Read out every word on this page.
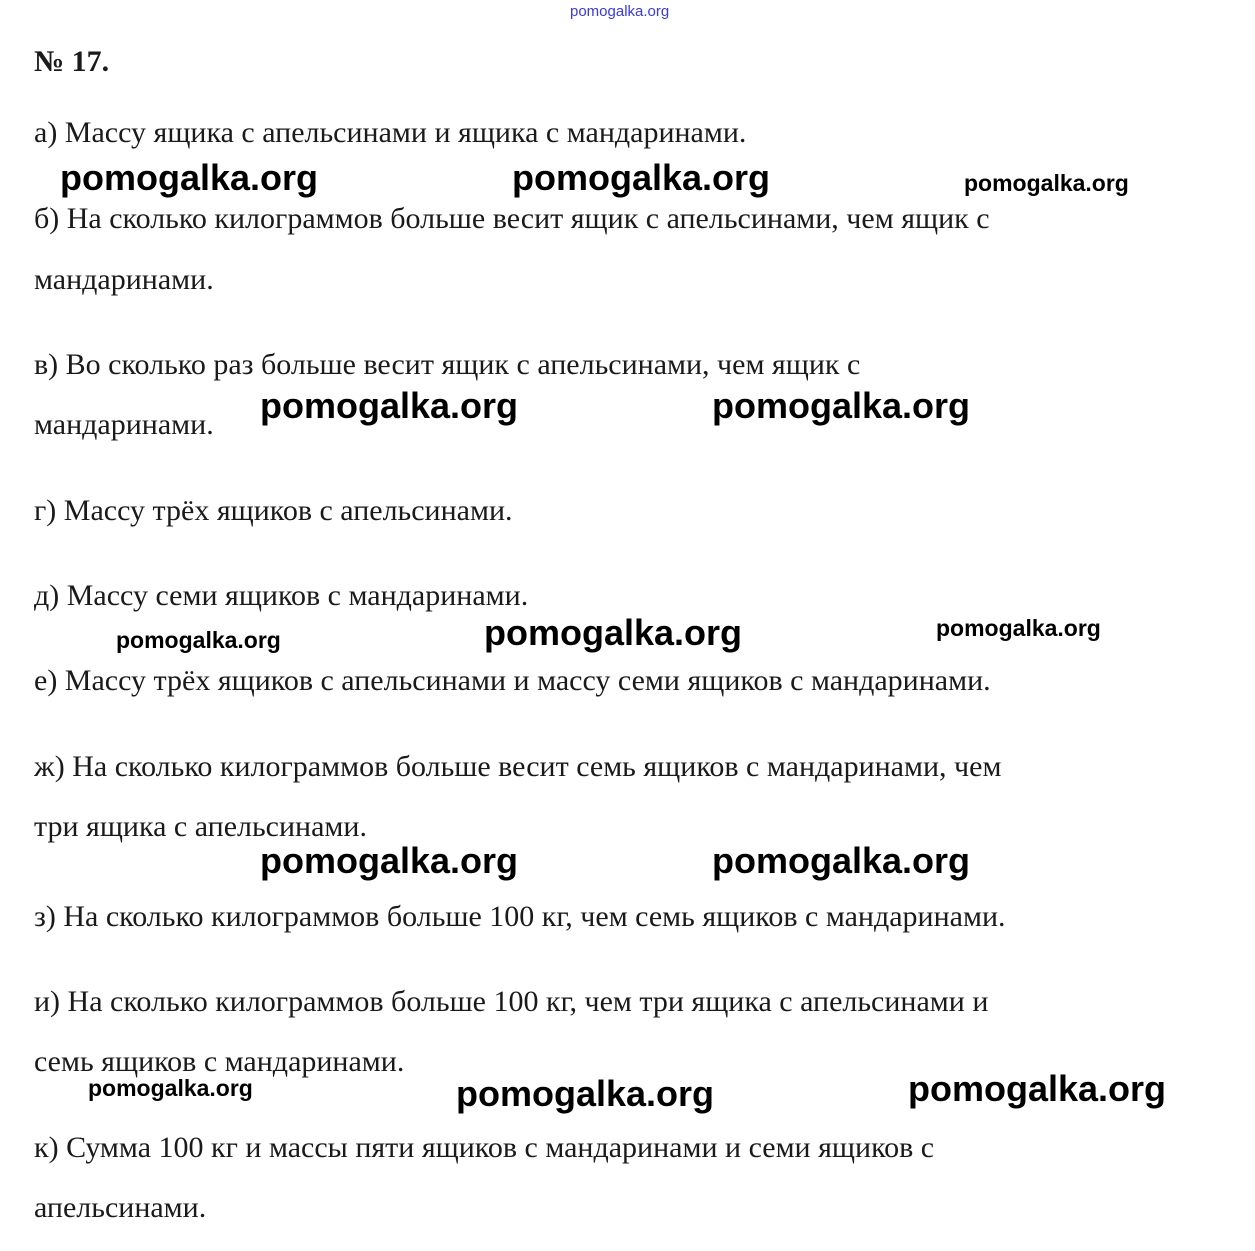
pomogalka.org
№ 17.
а) Массу ящика с апельсинами и ящика с мандаринами.
б) На сколько килограммов больше весит ящик с апельсинами, чем ящик с
мандаринами.
в) Во сколько раз больше весит ящик с апельсинами, чем ящик с
мандаринами.
г) Массу трёх ящиков с апельсинами.
д) Массу семи ящиков с мандаринами.
е) Массу трёх ящиков с апельсинами и массу семи ящиков с мандаринами.
ж) На сколько килограммов больше весит семь ящиков с мандаринами, чем
три ящика с апельсинами.
з) На сколько килограммов больше 100 кг, чем семь ящиков с мандаринами.
и) На сколько килограммов больше 100 кг, чем три ящика с апельсинами и
семь ящиков с мандаринами.
к) Сумма 100 кг и массы пяти ящиков с мандаринами и семи ящиков с
апельсинами.
pomogalka.org	pomogalka.org	pomogalka.org
pomogalka.org	pomogalka.org
pomogalka.org	pomogalka.org	pomogalka.org
pomogalka.org	pomogalka.org
pomogalka.org	pomogalka.org	pomogalka.org
